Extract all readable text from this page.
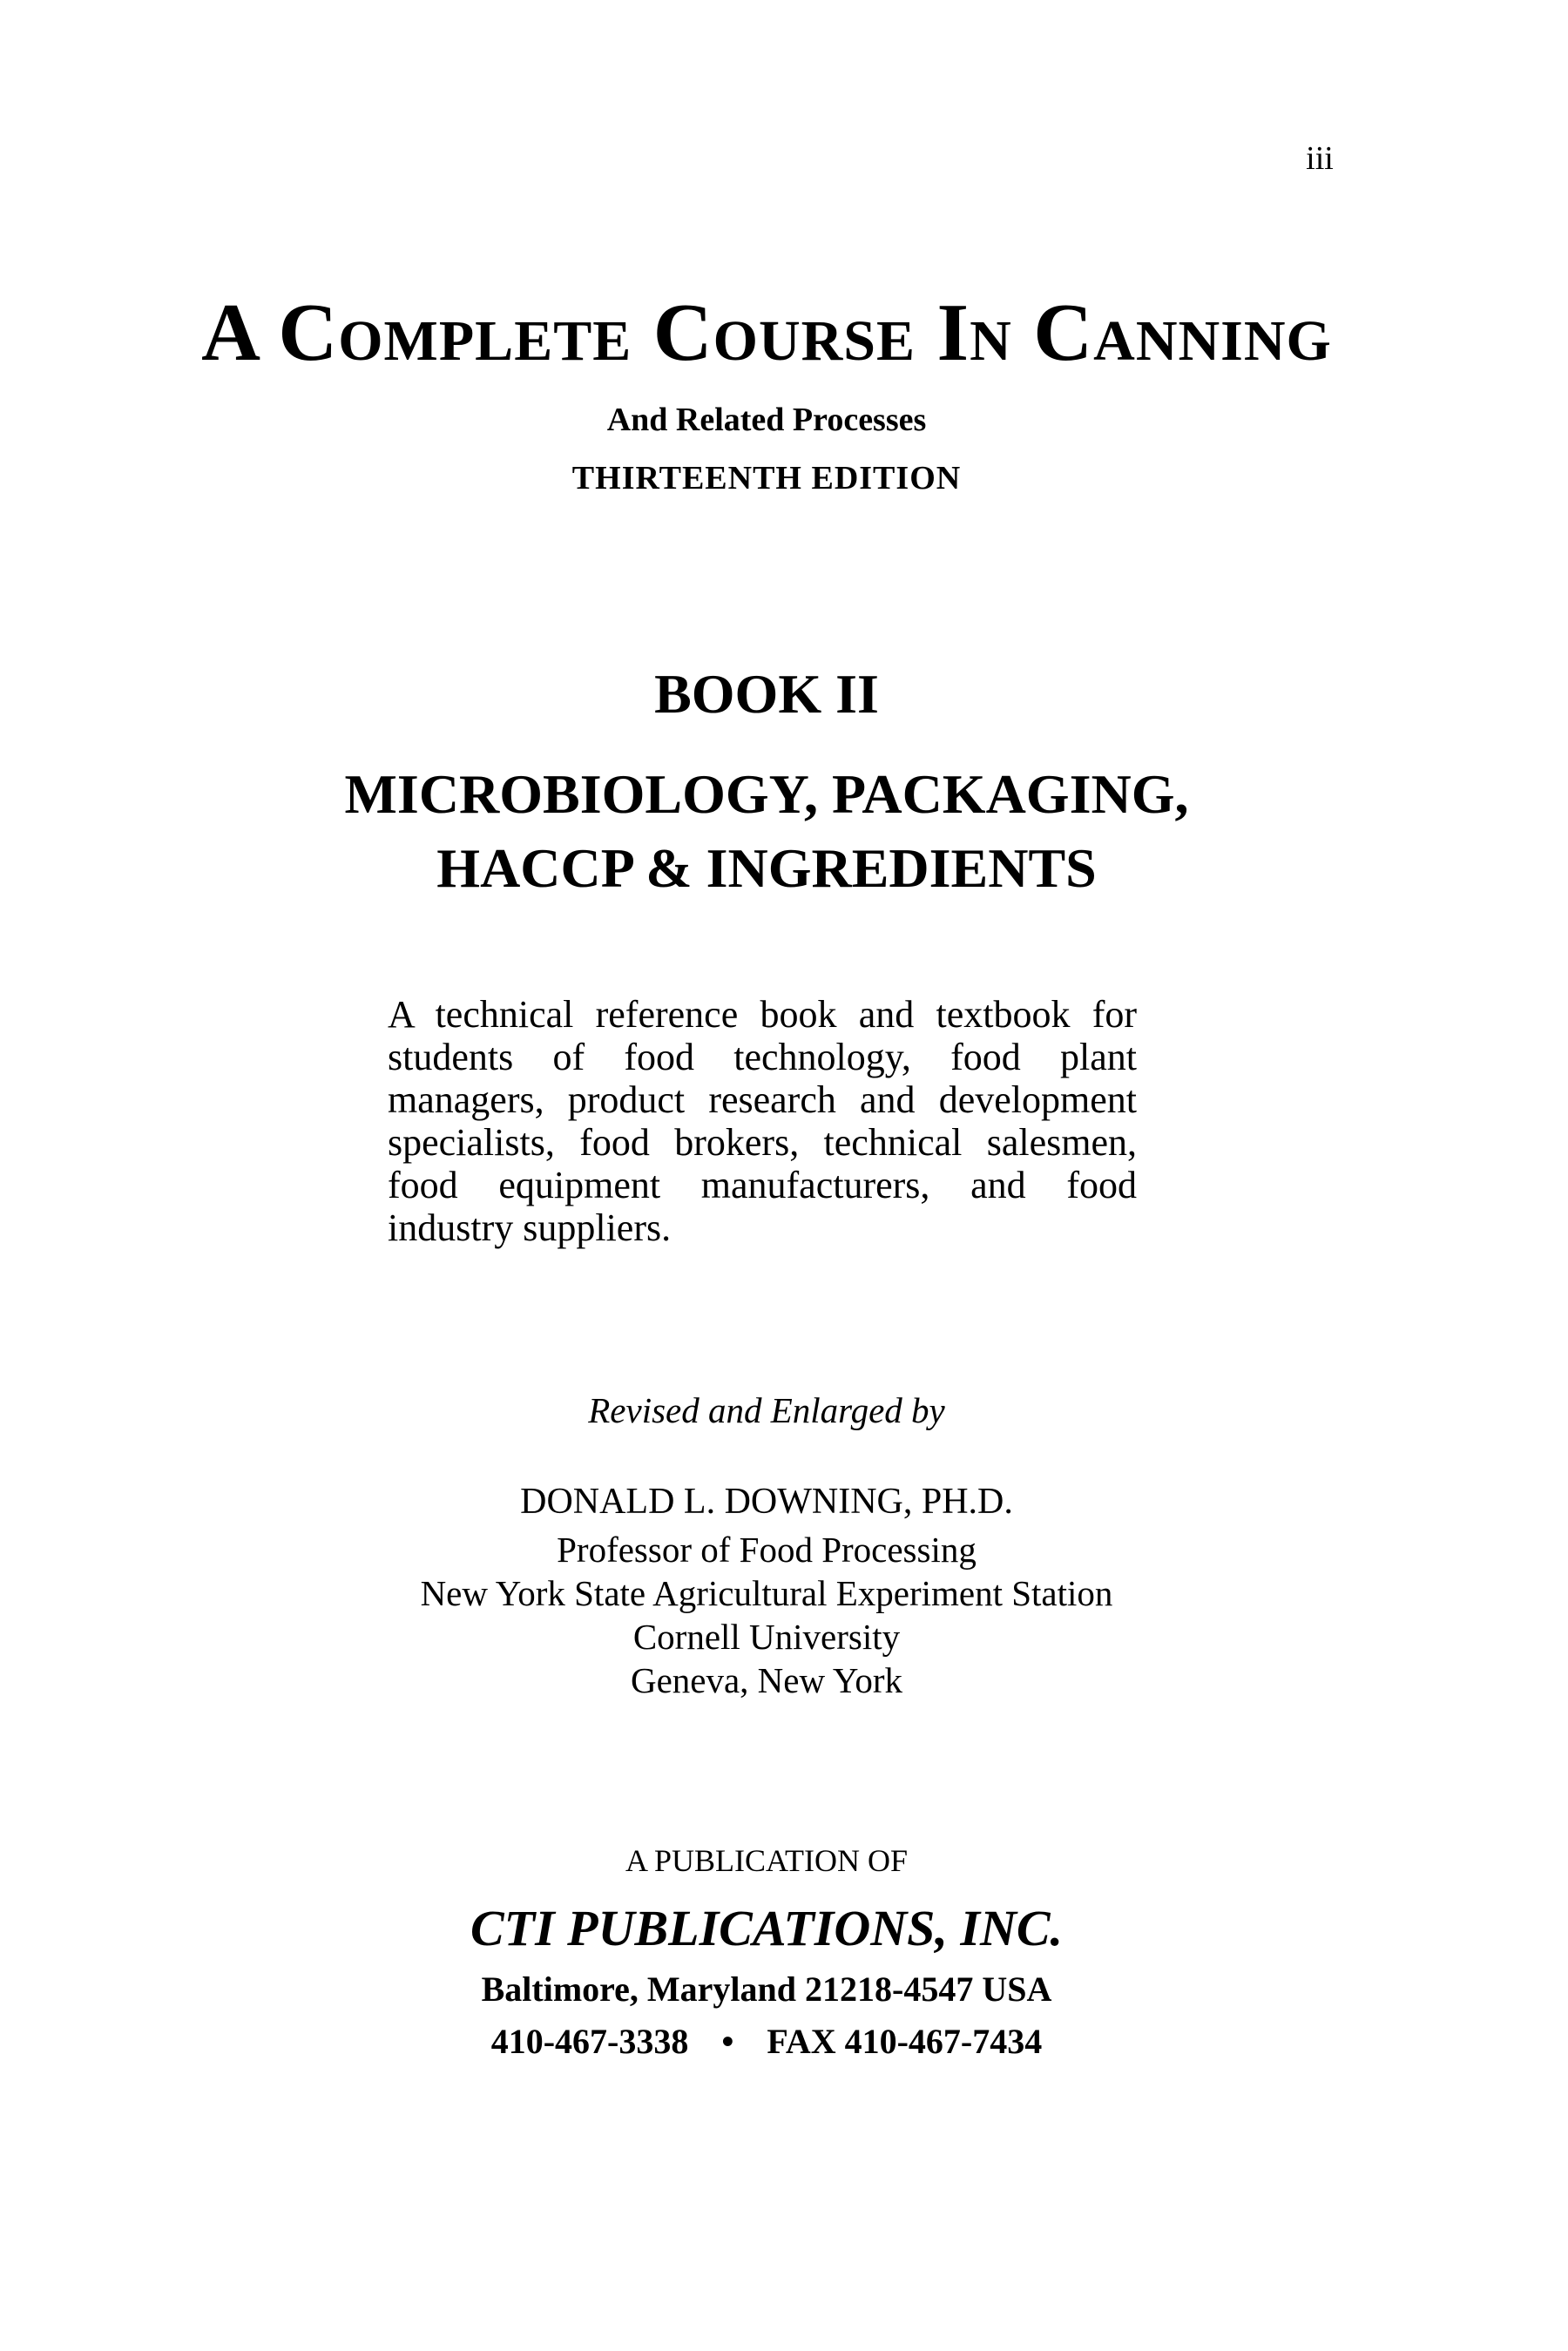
iii
A Complete Course In Canning
And Related Processes
THIRTEENTH EDITION
BOOK II
MICROBIOLOGY, PACKAGING,
HACCP & INGREDIENTS
A technical reference book and textbook for students of food technology, food plant managers, product research and development specialists, food brokers, technical salesmen, food equipment manufacturers, and food industry suppliers.
Revised and Enlarged by
DONALD L. DOWNING, PH.D.
Professor of Food Processing
New York State Agricultural Experiment Station
Cornell University
Geneva, New York
A PUBLICATION OF
CTI PUBLICATIONS, INC.
Baltimore, Maryland 21218-4547 USA
410-467-3338 • FAX 410-467-7434
